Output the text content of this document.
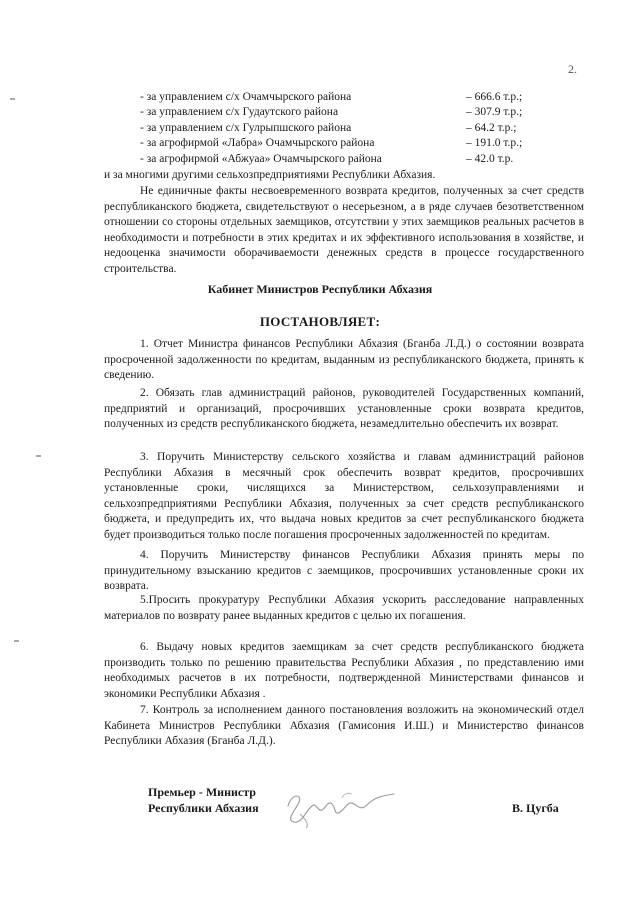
2.
- за управлением с/х Очамчырского района	– 666.6 т.р.;
- за управлением с/х Гудаутского района	– 307.9 т.р.;
- за управлением с/х Гулрыпшского района	– 64.2 т.р.;
- за агрофирмой «Лабра» Очамчырского района	– 191.0 т.р.;
- за агрофирмой «Абжуаа» Очамчырского района	– 42.0 т.р.
и за многими другими сельхозпредприятиями Республики Абхазия.
Не единичные факты несвоевременного возврата кредитов, полученных за счет средств республиканского бюджета, свидетельствуют о несерьезном, а в ряде случаев безответственном отношении со стороны отдельных заемщиков, отсутствии у этих заемщиков реальных расчетов в необходимости и потребности в этих кредитах и их эффективного использования в хозяйстве, и недооценка значимости оборачиваемости денежных средств в процессе государственного строительства.
Кабинет Министров Республики Абхазия
ПОСТАНОВЛЯЕТ:
1. Отчет Министра финансов Республики Абхазия (Бганба Л.Д.) о состоянии возврата просроченной задолженности по кредитам, выданным из республиканского бюджета, принять к сведению.
2. Обязать глав администраций районов, руководителей Государственных компаний, предприятий и организаций, просрочивших установленные сроки возврата кредитов, полученных из средств республиканского бюджета, незамедлительно обеспечить их возврат.
3. Поручить Министерству сельского хозяйства и главам администраций районов Республики Абхазия в месячный срок обеспечить возврат кредитов, просрочивших установленные сроки, числящихся за Министерством, сельхозуправлениями и сельхозпредприятиями Республики Абхазия, полученных за счет средств республиканского бюджета, и предупредить их, что выдача новых кредитов за счет республиканского бюджета будет производиться только после погашения просроченных задолженностей по кредитам.
4. Поручить Министерству финансов Республики Абхазия принять меры по принудительному взысканию кредитов с заемщиков, просрочивших установленные сроки их возврата.
5.Просить прокуратуру Республики Абхазия ускорить расследование направленных материалов по возврату ранее выданных кредитов с целью их погашения.
6. Выдачу новых кредитов заемщикам за счет средств республиканского бюджета производить только по решению правительства Республики Абхазия , по представлению ими необходимых расчетов в их потребности, подтвержденной Министерствами финансов и экономики Республики Абхазия .
7. Контроль за исполнением данного постановления возложить на экономический отдел Кабинета Министров Республики Абхазия (Гамисония И.Ш.) и Министерство финансов Республики Абхазия (Бганба Л.Д.).
Премьер - Министр
Республики Абхазия	В. Цугба
